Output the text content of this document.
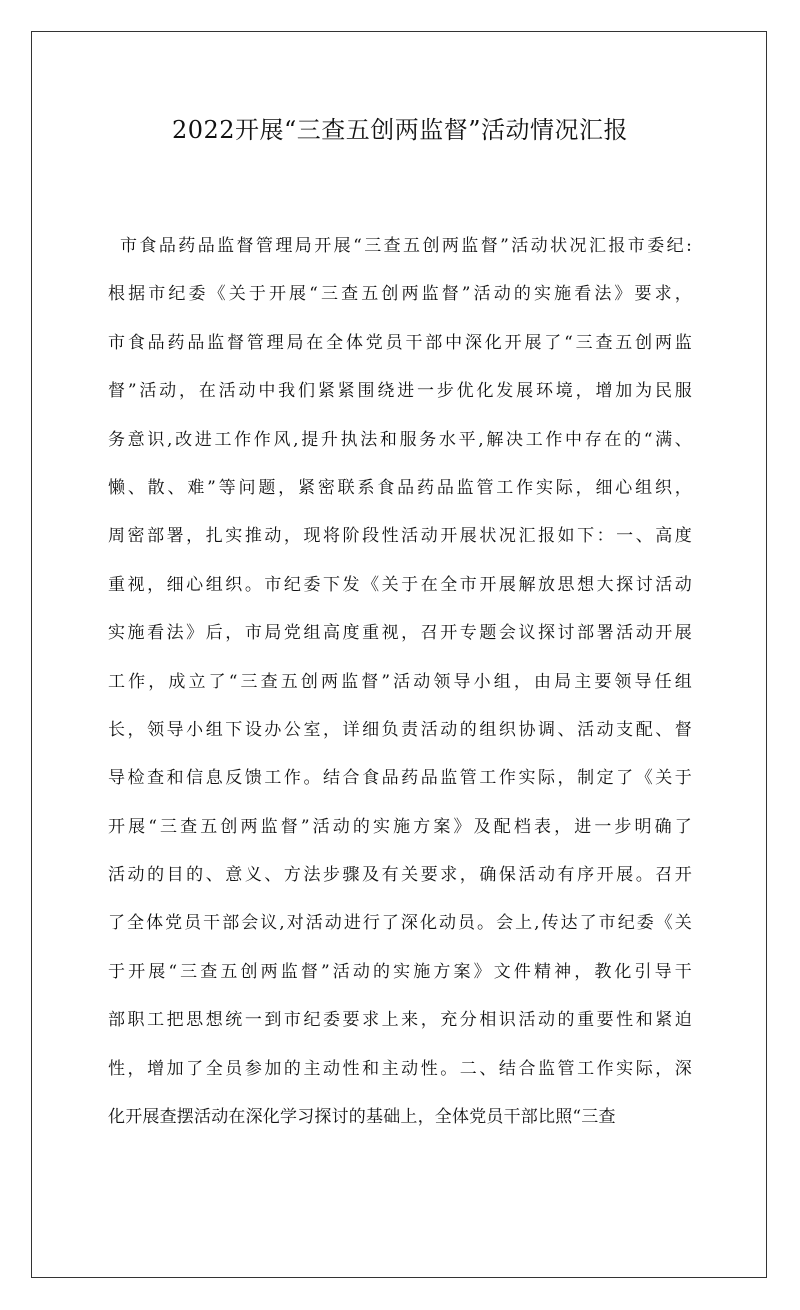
2022开展“三查五创两监督”活动情况汇报
市食品药品监督管理局开展“三查五创两监督”活动状况汇报市委纪:
根据市纪委《关于开展“三查五创两监督”活动的实施看法》要求，
市食品药品监督管理局在全体党员干部中深化开展了“三查五创两监
督”活动，在活动中我们紧紧围绕进一步优化发展环境，增加为民服
务意识,改进工作作风,提升执法和服务水平,解决工作中存在的“满、
懒、散、难”等问题，紧密联系食品药品监管工作实际，细心组织，
周密部署，扎实推动，现将阶段性活动开展状况汇报如下：一、高度
重视，细心组织。市纪委下发《关于在全市开展解放思想大探讨活动
实施看法》后，市局党组高度重视，召开专题会议探讨部署活动开展
工作，成立了“三查五创两监督”活动领导小组，由局主要领导任组
长，领导小组下设办公室，详细负责活动的组织协调、活动支配、督
导检查和信息反馈工作。结合食品药品监管工作实际，制定了《关于
开展“三查五创两监督”活动的实施方案》及配档表，进一步明确了
活动的目的、意义、方法步骤及有关要求，确保活动有序开展。召开
了全体党员干部会议,对活动进行了深化动员。会上,传达了市纪委《关
于开展“三查五创两监督”活动的实施方案》文件精神，教化引导干
部职工把思想统一到市纪委要求上来，充分相识活动的重要性和紧迫
性，增加了全员参加的主动性和主动性。二、结合监管工作实际，深
化开展查摆活动在深化学习探讨的基础上，全体党员干部比照“三查
